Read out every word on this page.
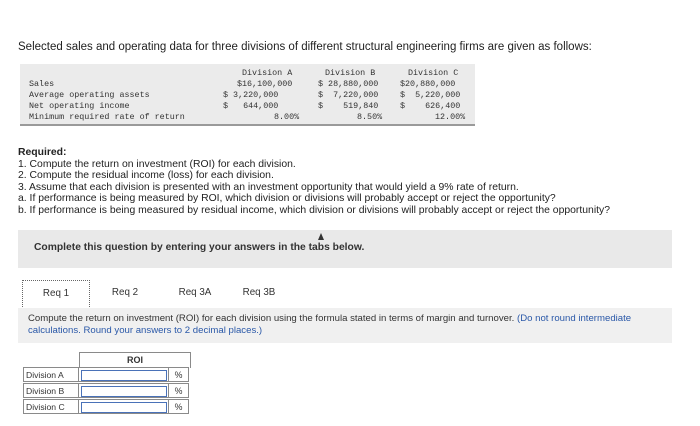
Selected sales and operating data for three divisions of different structural engineering firms are given as follows:
Division A	Division B	Division C
Sales	$16,100,000	$ 28,880,000	$20,880,000
Average operating assets	$ 3,220,000	$  7,220,000	$  5,220,000
Net operating income	$   644,000	$    519,840	$    626,400
Minimum required rate of return	8.00%	8.50%	12.00%
Required:
1. Compute the return on investment (ROI) for each division.
2. Compute the residual income (loss) for each division.
3. Assume that each division is presented with an investment opportunity that would yield a 9% rate of return.
a. If performance is being measured by ROI, which division or divisions will probably accept or reject the opportunity?
b. If performance is being measured by residual income, which division or divisions will probably accept or reject the opportunity?
Complete this question by entering your answers in the tabs below.
Req 1	Req 2	Req 3A	Req 3B
Compute the return on investment (ROI) for each division using the formula stated in terms of margin and turnover. (Do not round intermediate calculations. Round your answers to 2 decimal places.)
ROI
Division A	%
Division B	%
Division C	%
